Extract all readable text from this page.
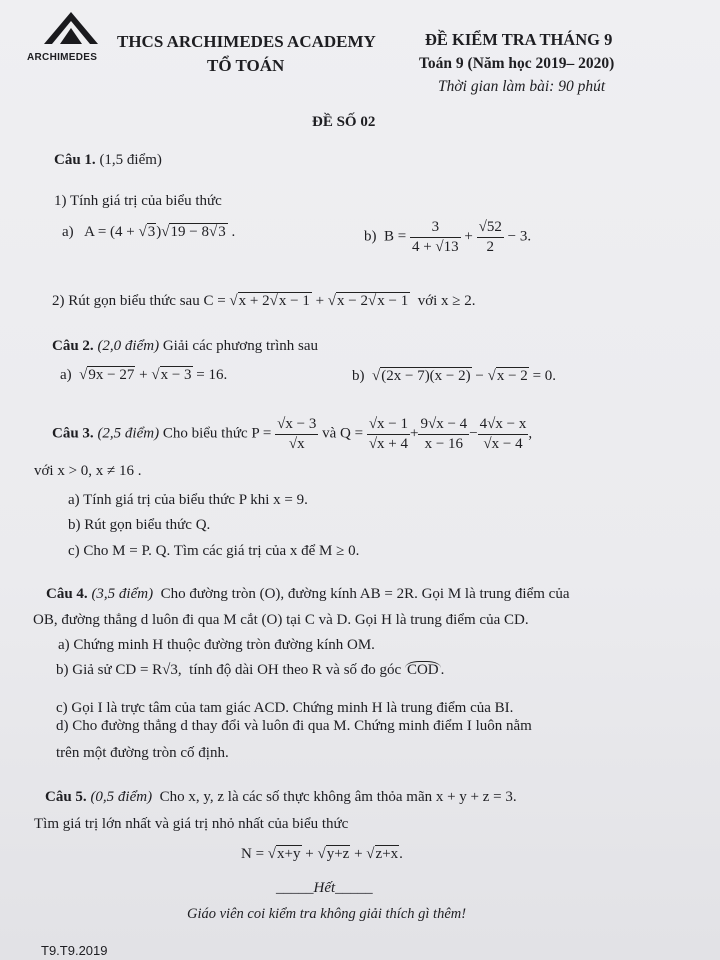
ARCHIMEDES
THCS ARCHIMEDES ACADEMY
TỔ TOÁN
ĐỀ KIỂM TRA THÁNG 9
Toán 9 (Năm học 2019– 2020)
Thời gian làm bài: 90 phút
ĐỀ SỐ 02
Câu 1. (1,5 điểm)
1) Tính giá trị của biểu thức
a) A = (4 + √3)√19 − 8√3 .	b) $B = \frac{3}{4 + √13} + \frac{√52}{2} - 3$.
2) Rút gọn biểu thức sau C = √x + 2√x − 1 + √x − 2√x − 1 với x ≥ 2.
Câu 2. (2,0 điểm) Giải các phương trình sau
a)  √9x − 27 + √x − 3 = 16.	b)  √(2x − 7)(x − 2) − √x − 2 = 0.
Câu 3. (2,5 điểm) Cho biểu thức $P = \frac{√x - 3}{√x}$ và $Q = \frac{√x - 1}{√x + 4} + \frac{9√x - 4}{x - 16} - \frac{4√x - x}{√x - 4}$ ,
với x > 0, x ≠ 16 .
a) Tính giá trị của biểu thức P khi x = 9.
b) Rút gọn biểu thức Q.
c) Cho M = P. Q. Tìm các giá trị của x để M ≥ 0.
Câu 4. (3,5 điểm) Cho đường tròn (O), đường kính AB = 2R. Gọi M là trung điểm của
OB, đường thẳng d luôn đi qua M cắt (O) tại C và D. Gọi H là trung điểm của CD.
a) Chứng minh H thuộc đường tròn đường kính OM.
b) Giả sử CD = R√3, tính độ dài OH theo R và số đo góc COD .
c) Gọi I là trực tâm của tam giác ACD. Chứng minh H là trung điểm của BI.
d) Cho đường thẳng d thay đổi và luôn đi qua M. Chứng minh điểm I luôn nằm
trên một đường tròn cố định.
Câu 5. (0,5 điểm) Cho x, y, z là các số thực không âm thỏa mãn x + y + z = 3.
Tìm giá trị lớn nhất và giá trị nhỏ nhất của biểu thức
N = √x+y + √y+z + √z+x.
_____Hết_____
Giáo viên coi kiểm tra không giải thích gì thêm!
T9.T9.2019
